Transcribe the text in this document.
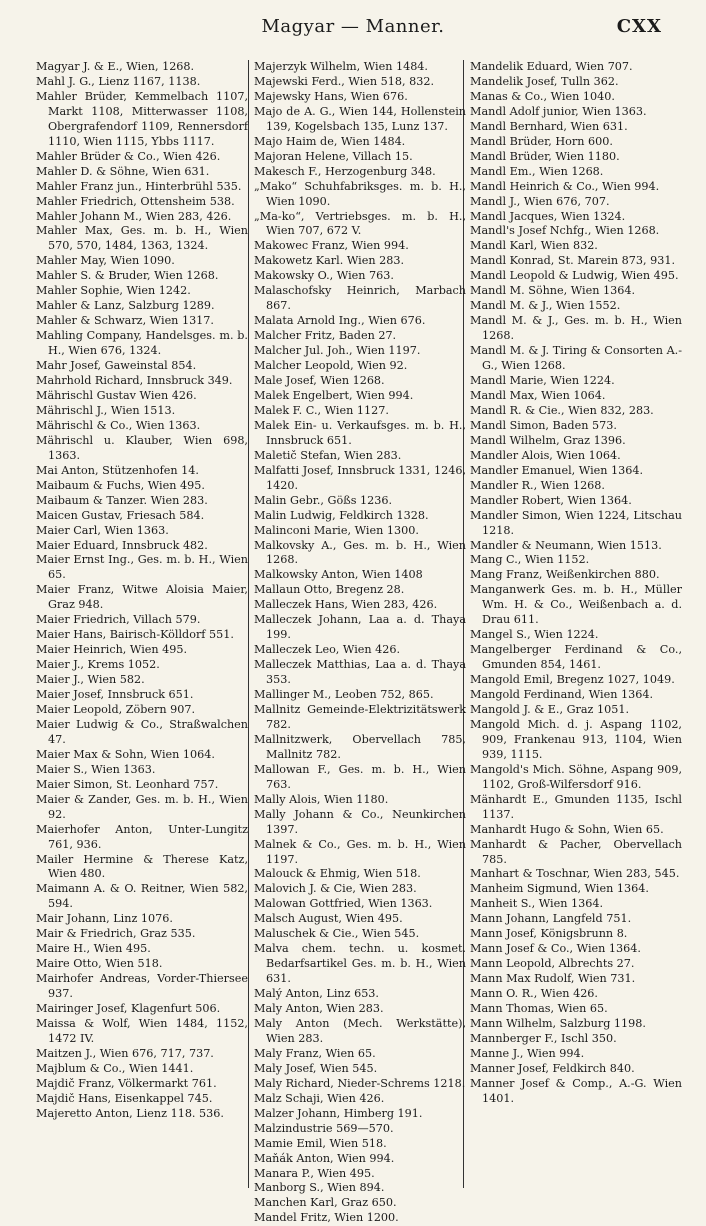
Magyar — Manner.	CXX
Magyar J. & E., Wien, 1268.
Mahl J. G., Lienz 1167, 1138.
Mahler Brüder, Kemmelbach 1107, Markt 1108, Mitterwasser 1108, Obergrafendorf 1109, Rennersdorf 1110, Wien 1115, Ybbs 1117.
Mahler Brüder & Co., Wien 426.
Mahler D. & Söhne, Wien 631.
Mahler Franz jun., Hinterbrühl 535.
Mahler Friedrich, Ottensheim 538.
Mahler Johann M., Wien 283, 426.
Mahler Max, Ges. m. b. H., Wien 570, 570, 1484, 1363, 1324.
Mahler May, Wien 1090.
Mahler S. & Bruder, Wien 1268.
Mahler Sophie, Wien 1242.
Mahler & Lanz, Salzburg 1289.
Mahler & Schwarz, Wien 1317.
Mahling Company, Handelsges. m. b. H., Wien 676, 1324.
Mahr Josef, Gaweinstal 854.
Mahrhold Richard, Innsbruck 349.
Mährischl Gustav Wien 426.
Mährischl J., Wien 1513.
Mährischl & Co., Wien 1363.
Mährischl u. Klauber, Wien 698, 1363.
Mai Anton, Stützenhofen 14.
Maibaum & Fuchs, Wien 495.
Maibaum & Tanzer. Wien 283.
Maicen Gustav, Friesach 584.
Maier Carl, Wien 1363.
Maier Eduard, Innsbruck 482.
Maier Ernst Ing., Ges. m. b. H., Wien 65.
Maier Franz, Witwe Aloisia Maier, Graz 948.
Maier Friedrich, Villach 579.
Maier Hans, Bairisch-Kölldorf 551.
Maier Heinrich, Wien 495.
Maier J., Krems 1052.
Maier J., Wien 582.
Maier Josef, Innsbruck 651.
Maier Leopold, Zöbern 907.
Maier Ludwig & Co., Straßwalchen 47.
Maier Max & Sohn, Wien 1064.
Maier S., Wien 1363.
Maier Simon, St. Leonhard 757.
Maier & Zander, Ges. m. b. H., Wien 92.
Maierhofer Anton, Unter-Lungitz 761, 936.
Mailer Hermine & Therese Katz, Wien 480.
Maimann A. & O. Reitner, Wien 582, 594.
Mair Johann, Linz 1076.
Mair & Friedrich, Graz 535.
Maire H., Wien 495.
Maire Otto, Wien 518.
Mairhofer Andreas, Vorder-Thiersee 937.
Mairinger Josef, Klagenfurt 506.
Maissa & Wolf, Wien 1484, 1152, 1472 IV.
Maitzen J., Wien 676, 717, 737.
Majblum & Co., Wien 1441.
Majdič Franz, Völkermarkt 761.
Majdič Hans, Eisenkappel 745.
Majeretto Anton, Lienz 118. 536.
Majerzyk Wilhelm, Wien 1484.
Majewski Ferd., Wien 518, 832.
Majewsky Hans, Wien 676.
Majo de A. G., Wien 144, Hollenstein 139, Kogelsbach 135, Lunz 137.
Majo Haim de, Wien 1484.
Majoran Helene, Villach 15.
Makesch F., Herzogenburg 348.
„Mako“ Schuhfabriksges. m. b. H., Wien 1090.
„Ma-ko“, Vertriebsges. m. b. H., Wien 707, 672 V.
Makowec Franz, Wien 994.
Makowetz Karl. Wien 283.
Makowsky O., Wien 763.
Malaschofsky Heinrich, Marbach 867.
Malata Arnold Ing., Wien 676.
Malcher Fritz, Baden 27.
Malcher Jul. Joh., Wien 1197.
Malcher Leopold, Wien 92.
Male Josef, Wien 1268.
Malek Engelbert, Wien 994.
Malek F. C., Wien 1127.
Malek Ein- u. Verkaufsges. m. b. H., Innsbruck 651.
Maletič Stefan, Wien 283.
Malfatti Josef, Innsbruck 1331, 1246, 1420.
Malin Gebr., Gößs 1236.
Malin Ludwig, Feldkirch 1328.
Malinconi Marie, Wien 1300.
Malkovsky A., Ges. m. b. H., Wien 1268.
Malkowsky Anton, Wien 1408
Mallaun Otto, Bregenz 28.
Malleczek Hans, Wien 283, 426.
Malleczek Johann, Laa a. d. Thaya 199.
Malleczek Leo, Wien 426.
Malleczek Matthias, Laa a. d. Thaya 353.
Mallinger M., Leoben 752, 865.
Mallnitz Gemeinde-Elektrizitätswerk 782.
Mallnitzwerk, Obervellach 785, Mallnitz 782.
Mallowan F., Ges. m. b. H., Wien 763.
Mally Alois, Wien 1180.
Mally Johann & Co., Neunkirchen 1397.
Malnek & Co., Ges. m. b. H., Wien 1197.
Malouck & Ehmig, Wien 518.
Malovich J. & Cie, Wien 283.
Malowan Gottfried, Wien 1363.
Malsch August, Wien 495.
Maluschek & Cie., Wien 545.
Malva chem. techn. u. kosmet. Bedarfsartikel Ges. m. b. H., Wien 631.
Malý Anton, Linz 653.
Maly Anton, Wien 283.
Maly Anton (Mech. Werkstätte), Wien 283.
Maly Franz, Wien 65.
Maly Josef, Wien 545.
Maly Richard, Nieder-Schrems 1218.
Malz Schaji, Wien 426.
Malzer Johann, Himberg 191.
Malzindustrie 569—570.
Mamie Emil, Wien 518.
Maňák Anton, Wien 994.
Manara P., Wien 495.
Manborg S., Wien 894.
Manchen Karl, Graz 650.
Mandel Fritz, Wien 1200.
Mandelik Eduard, Wien 707.
Mandelik Josef, Tulln 362.
Manas & Co., Wien 1040.
Mandl Adolf junior, Wien 1363.
Mandl Bernhard, Wien 631.
Mandl Brüder, Horn 600.
Mandl Brüder, Wien 1180.
Mandl Em., Wien 1268.
Mandl Heinrich & Co., Wien 994.
Mandl J., Wien 676, 707.
Mandl Jacques, Wien 1324.
Mandl's Josef Nchfg., Wien 1268.
Mandl Karl, Wien 832.
Mandl Konrad, St. Marein 873, 931.
Mandl Leopold & Ludwig, Wien 495.
Mandl M. Söhne, Wien 1364.
Mandl M. & J., Wien 1552.
Mandl M. & J., Ges. m. b. H., Wien 1268.
Mandl M. & J. Tiring & Consorten A.-G., Wien 1268.
Mandl Marie, Wien 1224.
Mandl Max, Wien 1064.
Mandl R. & Cie., Wien 832, 283.
Mandl Simon, Baden 573.
Mandl Wilhelm, Graz 1396.
Mandler Alois, Wien 1064.
Mandler Emanuel, Wien 1364.
Mandler R., Wien 1268.
Mandler Robert, Wien 1364.
Mandler Simon, Wien 1224, Litschau 1218.
Mandler & Neumann, Wien 1513.
Mang C., Wien 1152.
Mang Franz, Weißenkirchen 880.
Manganwerk Ges. m. b. H., Müller Wm. H. & Co., Weißenbach a. d. Drau 611.
Mangel S., Wien 1224.
Mangelberger Ferdinand & Co., Gmunden 854, 1461.
Mangold Emil, Bregenz 1027, 1049.
Mangold Ferdinand, Wien 1364.
Mangold J. & E., Graz 1051.
Mangold Mich. d. j. Aspang 1102, 909, Frankenau 913, 1104, Wien 939, 1115.
Mangold's Mich. Söhne, Aspang 909, 1102, Groß-Wilfersdorf 916.
Mänhardt E., Gmunden 1135, Ischl 1137.
Manhardt Hugo & Sohn, Wien 65.
Manhardt & Pacher, Obervellach 785.
Manhart & Toschnar, Wien 283, 545.
Manheim Sigmund, Wien 1364.
Manheit S., Wien 1364.
Mann Johann, Langfeld 751.
Mann Josef, Königsbrunn 8.
Mann Josef & Co., Wien 1364.
Mann Leopold, Albrechts 27.
Mann Max Rudolf, Wien 731.
Mann O. R., Wien 426.
Mann Thomas, Wien 65.
Mann Wilhelm, Salzburg 1198.
Mannberger F., Ischl 350.
Manne J., Wien 994.
Manner Josef, Feldkirch 840.
Manner Josef & Comp., A.-G. Wien 1401.
